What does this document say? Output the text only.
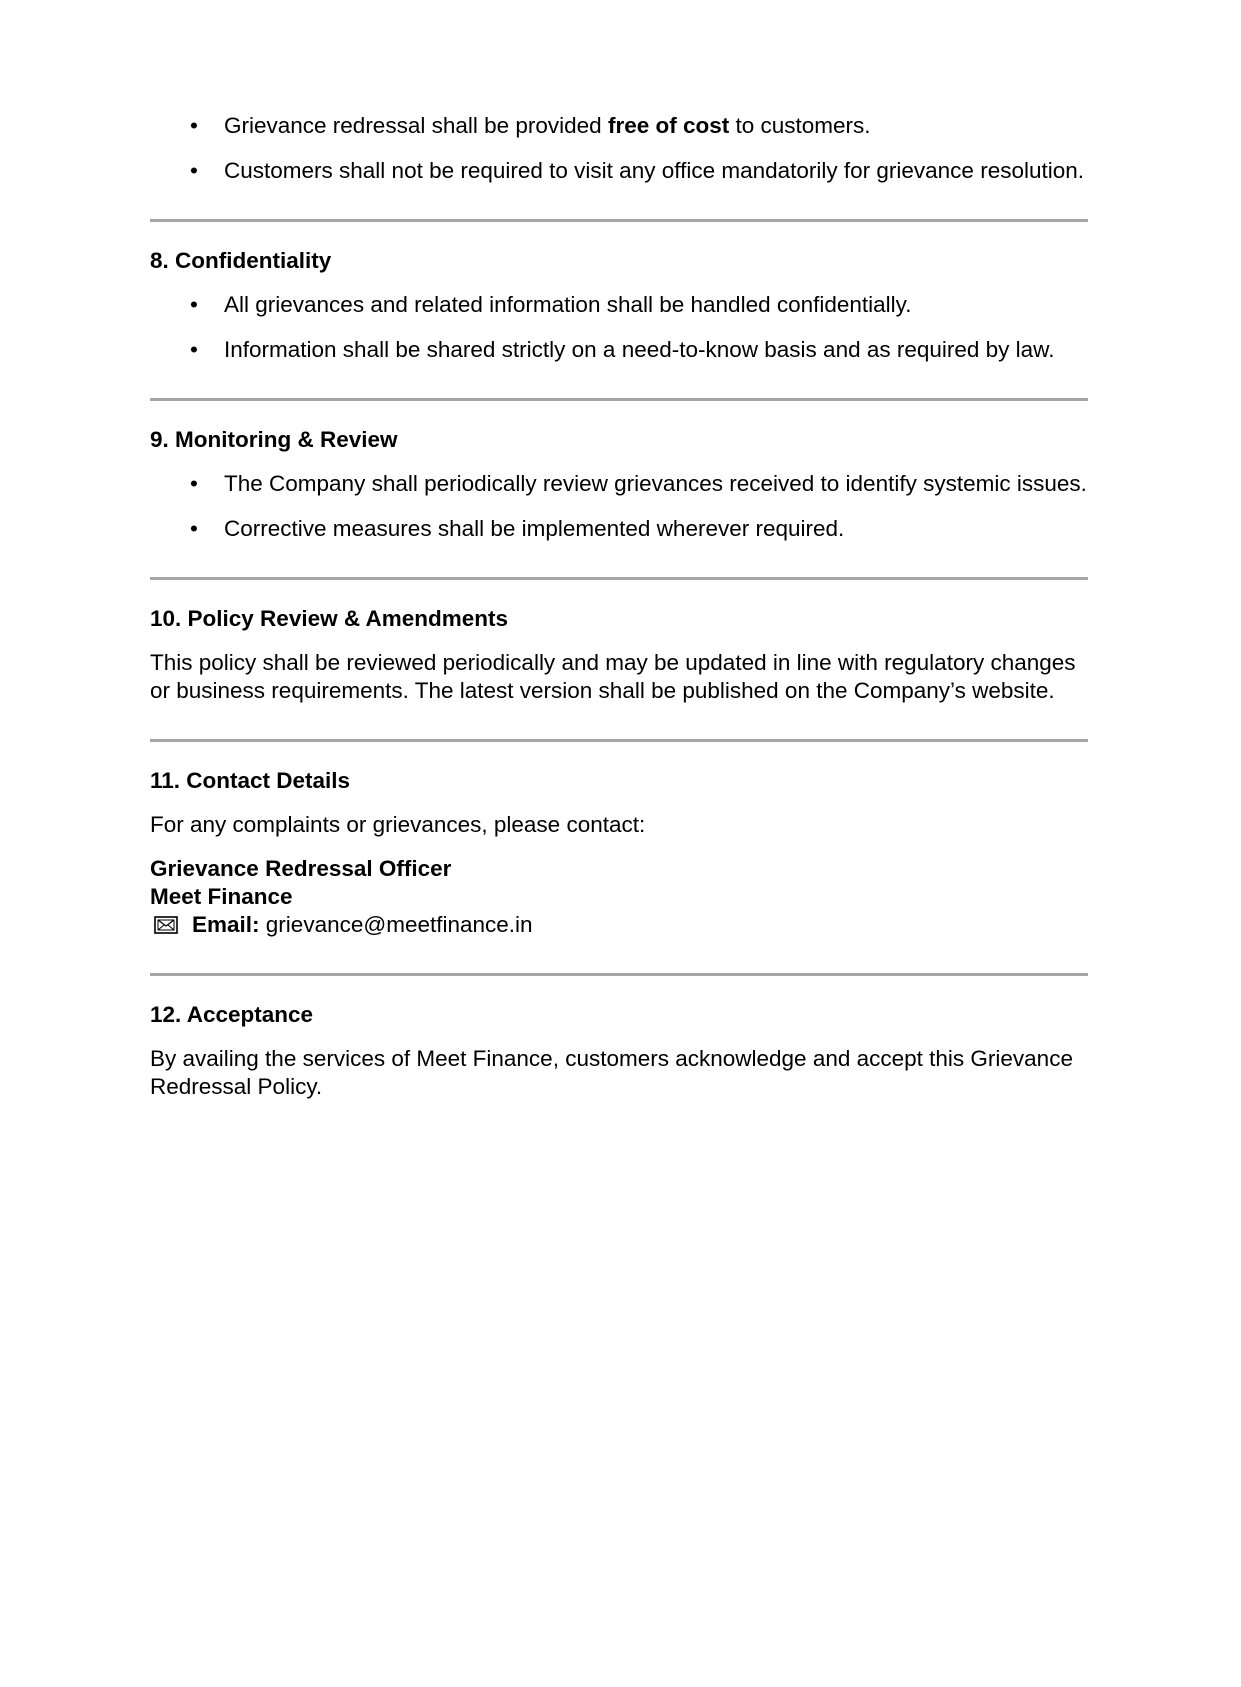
• Grievance redressal shall be provided free of cost to customers.
• Customers shall not be required to visit any office mandatorily for grievance resolution.
8. Confidentiality
• All grievances and related information shall be handled confidentially.
• Information shall be shared strictly on a need-to-know basis and as required by law.
9. Monitoring & Review
• The Company shall periodically review grievances received to identify systemic issues.
• Corrective measures shall be implemented wherever required.
10. Policy Review & Amendments

This policy shall be reviewed periodically and may be updated in line with regulatory changes or business requirements. The latest version shall be published on the Company’s website.

11. Contact Details

For any complaints or grievances, please contact:

Grievance Redressal Officer
Meet Finance
Email:
grievance@meetfinance.in
12. Acceptance

By availing the services of Meet Finance, customers acknowledge and accept this Grievance Redressal Policy.
